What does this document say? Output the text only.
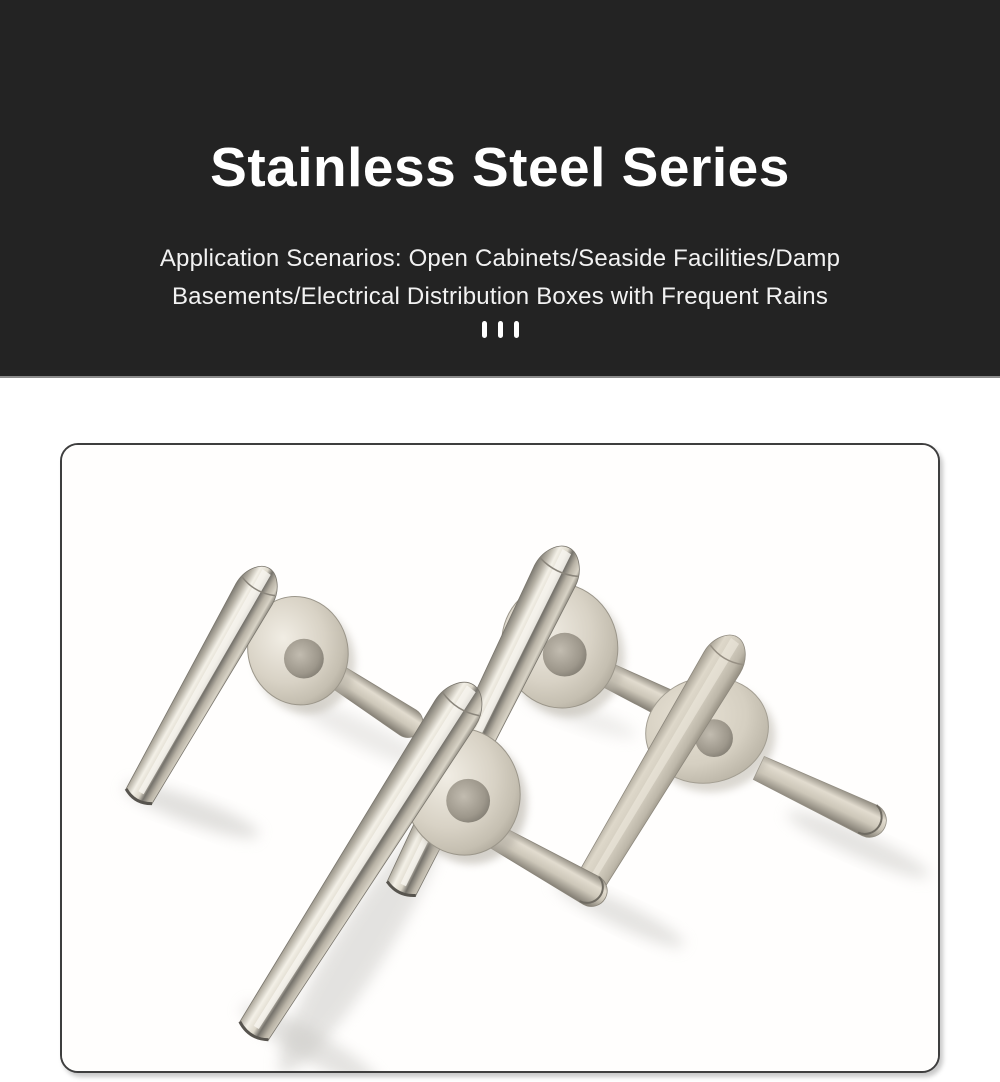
Stainless Steel Series

Application Scenarios: Open Cabinets/Seaside Facilities/Damp
Basements/Electrical Distribution Boxes with Frequent Rains
